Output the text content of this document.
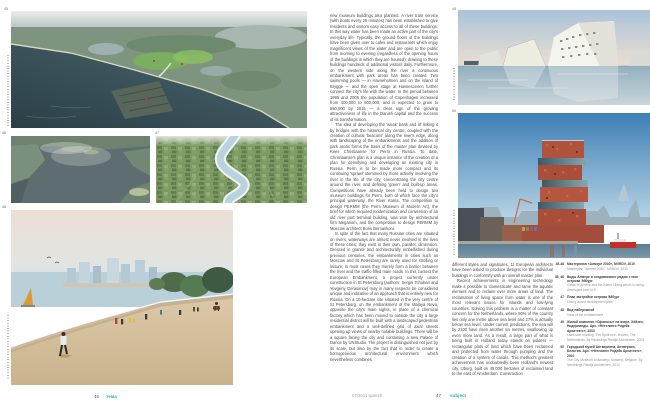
45
46	47
48
46 тема

new museum buildings also planned. A river tram service (with boats every 25 minutes) has been established to give residents and visitors easy access to all of these buildings. In this way water has been made an active part of the city's everyday life. Typically, the ground floors of the buildings have been given over to cafes and restaurants which enjoy magnificent views of the water and are open to the public from morning to evening (regardless of the opening hours of the buildings in which they are housed), drawing to these buildings hundreds of additional visitors daily. Furthermore, on the western side along the river a continuous embankment with park areas has been created. Two swimming pools — in Havneholmen and on the island of Brygge — and the open stage at Havnescenen further connect the city's life with the water. In the period between 1995 and 2005 the population of Copenhagen increased from 400,000 to 500,000, and is expected to grow to 550,000 by 2015 — a clear sign of the growing attractiveness of life in the Danish capital and the success of its transformation.

The idea of developing the 'weak' bank and of linking it by bridges with the historical city centre, coupled with the creation of cultural 'beacons' along the river's edge, along with landscaping of the embankments and the addition of park areas forms the basis of the master plan devised by Kees Christiaanse for Perm in Russia. To date, Christiaanse's plan is a unique instance of the creation of a plan for densifying and developing an existing city in Russia. Perm is to be made more compact and its continuing 'sprawl' stemmed by more actively involving the river in the life of the city, concentrating the city centre around the river, and defining 'green' and built-up areas. Competitions have already been held to design two museum buildings for Perm, both of which face the city's principal waterway, the River Kama. The competition to design PERMM (the Perm Museum of Modern Art), the brief for which required modernization and conversion of an old river port terminal building, was won by architectural firm Meganom, and the competition to design PERMM by Moscow architect Boris Bernaskoni.

In spite of the fact that many Russian cities are situated on rivers, waterways are almost never involved in the lives of these cities; they exist in their own, parallel, dimension. Dressed in granite and architecturally embellished during previous centuries, the embankments in cities such as Moscow and St Petersburg are rarely used for strolling or leisure; in most cases they merely form a barrier between the river and the traffic-filled main roads. In this context the European Embankment, a project currently under construction in St Petersburg (authors: Sergei Tchoban and Yevgeny Gerasimov) may in many respects be considered unique and indicative of an approach that is entirely new for Russia. On a 10-hectare site situated in the very centre of St Petersburg, on the embankment of the Malaya Neva, opposite the city's main sights, in place of a chemical factory which has been moved to outside the city a large residential district will be built with a landscaped pedestrian embankment and a well-defined grid of axial streets opening up views of nearby notable buildings. There will be a square facing the city and containing a new Palace of Dance by UNStudio. The project is distinguished not just by its scale, but also by the fact that in order to create a homogeneous architectural environment which nevertheless combines

49
50

different styles and signatures, 11 European architects have been asked to produce designs for the individual buildings in conformity with an overall master plan.

Recent achievements in engineering technology make it possible to 'domesticate' and tame the aquatic element and to reclaim ever more areas of land. The reclamation of living space from water is one of the most relevant issues for islands and low-lying countries. Solving this problem is a matter of constant concern for the Netherlands, where 50% of the country lies only one metre above sea level and 27% is actually below sea level. Under current predictions, the sea will by 2100 have risen another six metres, swallowing up even more land. As a result, a large part of what is being built in Holland today stands on polders — rectangular plots of land which have been reclaimed and protected from water through pumping and the creation of a system of canals. This method's greatest achievement has undoubtedly been Holland's newest city, IJburg, built on 45,000 hectares of reclaimed land to the east of Amsterdam. Construction

45-48 Мастерплан «Алмере 2030», MVRDV, 2010
Masterplan "Almere 2030", MVRDV, 2010
45, 46 Виды Алмере и создаваемого рядом с ним острова Эйбург
Views of Almere and the island IJburg which is being developed next to it
47 План застройки острова Эйбург
IJburg island development plan
48 Вид набережной
View of the embankment
49 Жилой комплекс «Сфинксы» на озере, Хёйзен, Нидерланды. Арх. «Нётелингс Ридейк Архитектс», 2003
Lake-side housing 'The Sphinxes', Huizen, The Netherlands. By Neutelings Riedijk Architecten, 2003
50 Городской музей Антверпена, Антверпен, Бельгия. Арх. «Нётелингс Ридейк Архитектс», 2010
The City Museum of Antwerp, Antwerp, Belgium. By Neutelings Riedijk Architecten, 2010
07/2011 speech:	47 subject
